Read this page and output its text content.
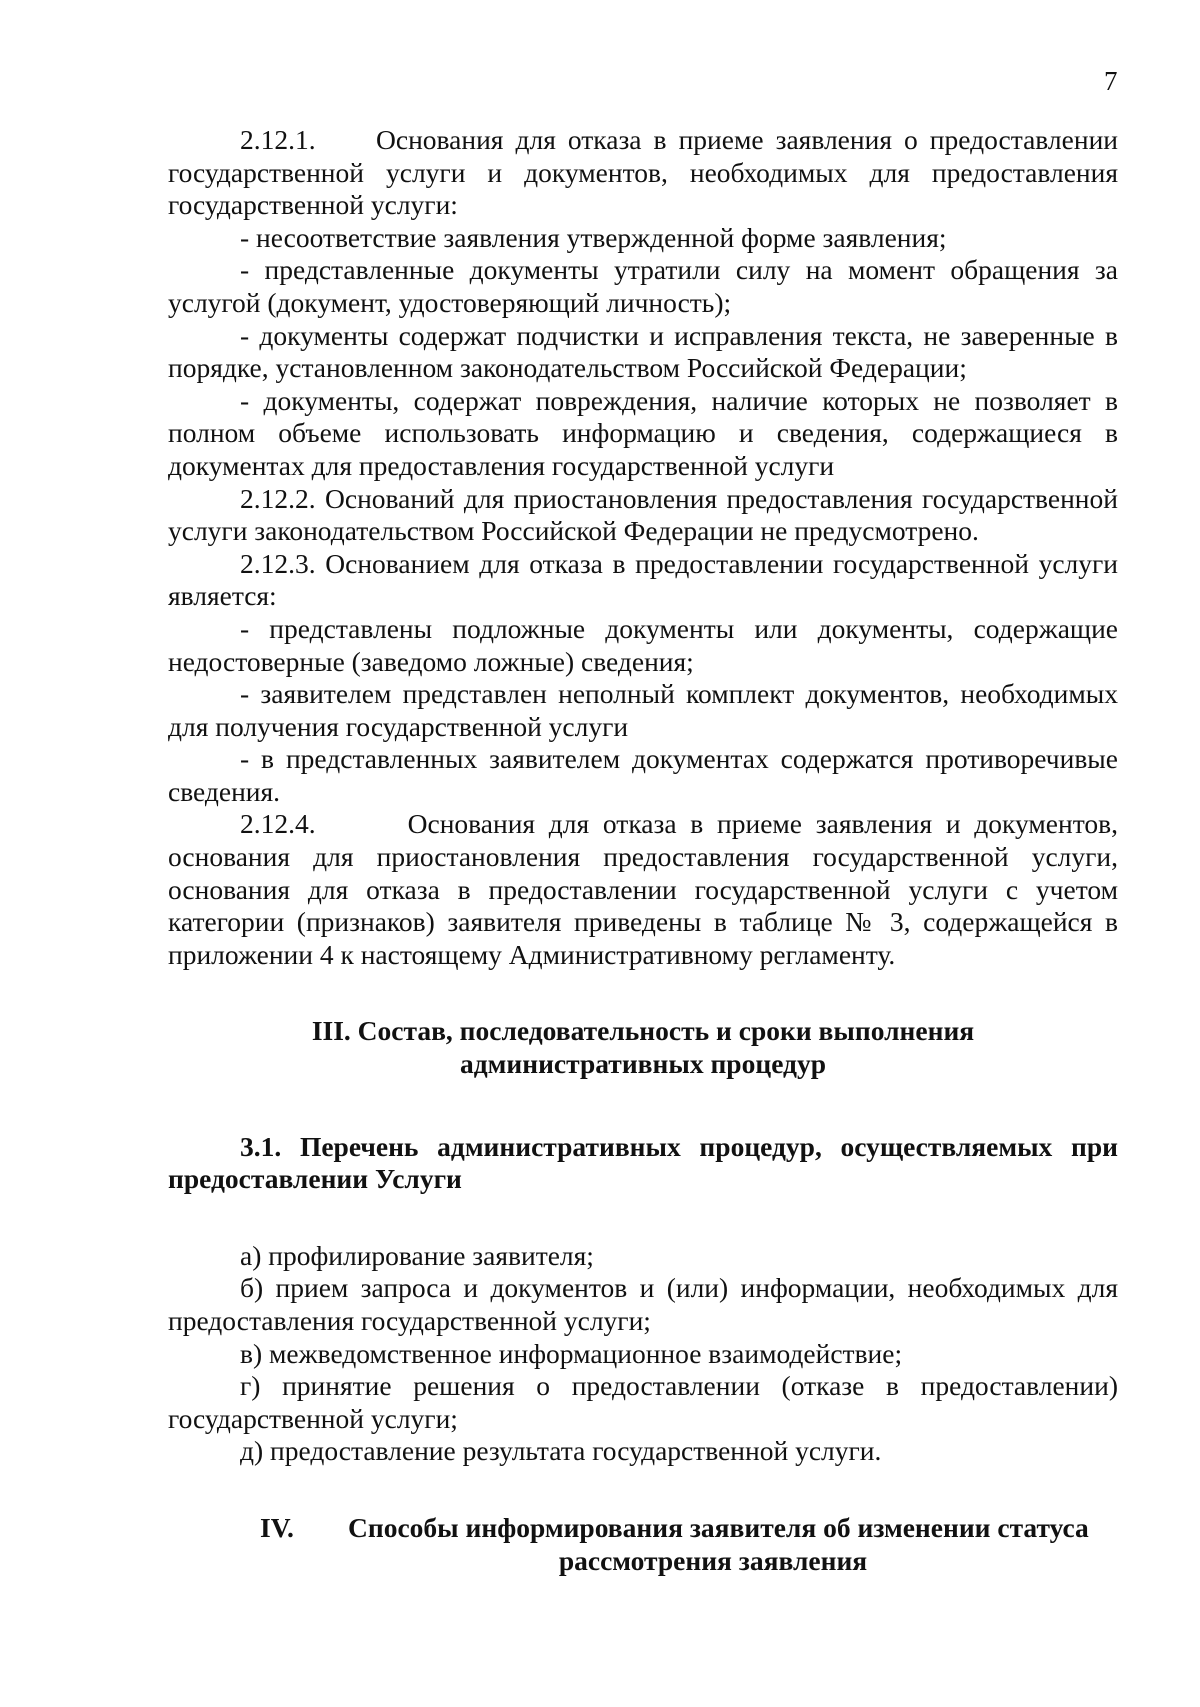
7

2.12.1. Основания для отказа в приеме заявления о предоставлении государственной услуги и документов, необходимых для предоставления государственной услуги:

- несоответствие заявления утвержденной форме заявления;

- представленные документы утратили силу на момент обращения за услугой (документ, удостоверяющий личность);

- документы содержат подчистки и исправления текста, не заверенные в порядке, установленном законодательством Российской Федерации;

- документы, содержат повреждения, наличие которых не позволяет в полном объеме использовать информацию и сведения, содержащиеся в документах для предоставления государственной услуги

2.12.2. Оснований для приостановления предоставления государственной услуги законодательством Российской Федерации не предусмотрено.

2.12.3. Основанием для отказа в предоставлении государственной услуги является:

- представлены подложные документы или документы, содержащие недостоверные (заведомо ложные) сведения;

- заявителем представлен неполный комплект документов, необходимых для получения государственной услуги

- в представленных заявителем документах содержатся противоречивые сведения.

2.12.4.	Основания для отказа в приеме заявления и документов, основания для приостановления предоставления государственной услуги, основания для отказа в предоставлении государственной услуги с учетом категории (признаков) заявителя приведены в таблице № 3, содержащейся в приложении 4 к настоящему Административному регламенту.

III. Состав, последовательность и сроки выполнения
административных процедур

3.1. Перечень административных процедур, осуществляемых при предоставлении Услуги

а) профилирование заявителя;

б) прием запроса и документов и (или) информации, необходимых для предоставления государственной услуги;

в) межведомственное информационное взаимодействие;

г) принятие решения о предоставлении (отказе в предоставлении) государственной услуги;

д) предоставление результата государственной услуги.

IV.	Способы информирования заявителя об изменении статуса
рассмотрения заявления
